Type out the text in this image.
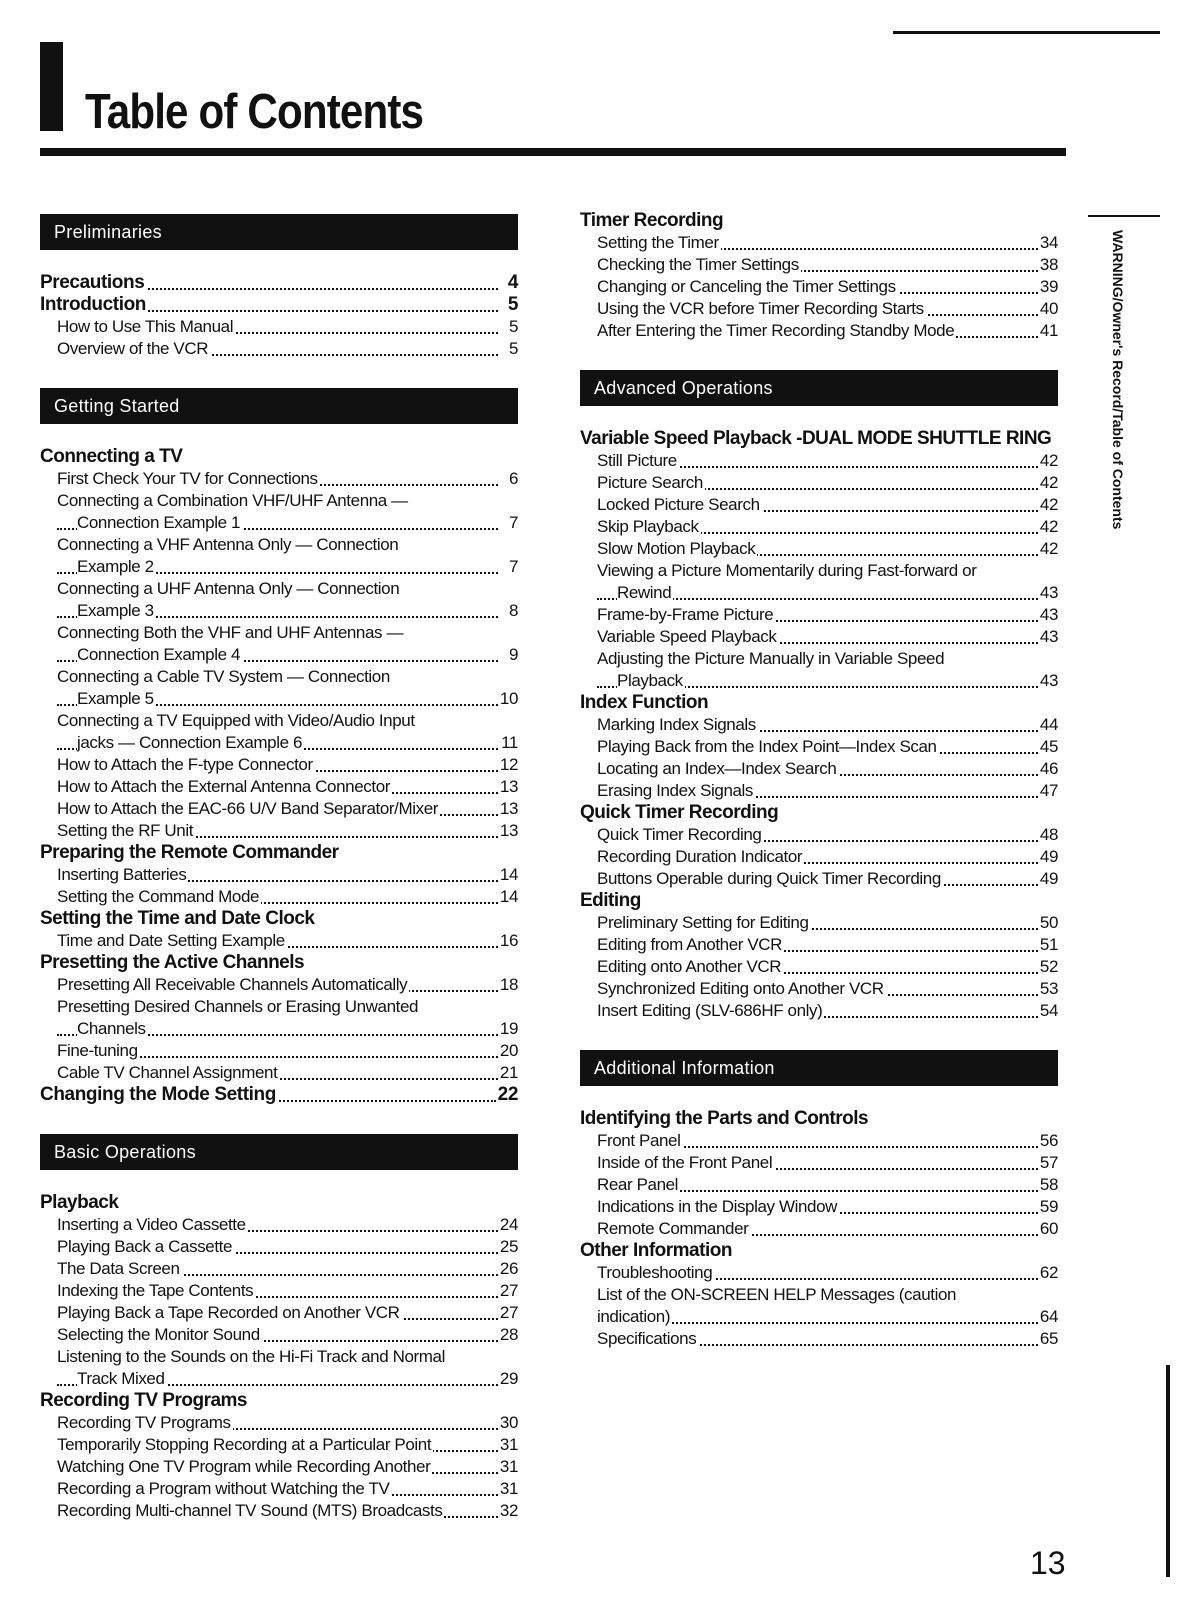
Table of Contents
WARNING/Owner's Record/Table of Contents
Preliminaries
Precautions	4
Introduction	5
How to Use This Manual	5
Overview of the VCR	5
Getting Started
Connecting a TV
First Check Your TV for Connections	6
Connecting a Combination VHF/UHF Antenna —
Connection Example 1	7
Connecting a VHF Antenna Only — Connection
Example 2	7
Connecting a UHF Antenna Only — Connection
Example 3	8
Connecting Both the VHF and UHF Antennas —
Connection Example 4	9
Connecting a Cable TV System — Connection
Example 5	10
Connecting a TV Equipped with Video/Audio Input
jacks — Connection Example 6	11
How to Attach the F-type Connector	12
How to Attach the External Antenna Connector	13
How to Attach the EAC-66 U/V Band Separator/Mixer	13
Setting the RF Unit	13
Preparing the Remote Commander
Inserting Batteries	14
Setting the Command Mode	14
Setting the Time and Date Clock
Time and Date Setting Example	16
Presetting the Active Channels
Presetting All Receivable Channels Automatically	18
Presetting Desired Channels or Erasing Unwanted
Channels	19
Fine-tuning	20
Cable TV Channel Assignment	21
Changing the Mode Setting	22
Basic Operations
Playback
Inserting a Video Cassette	24
Playing Back a Cassette	25
The Data Screen	26
Indexing the Tape Contents	27
Playing Back a Tape Recorded on Another VCR	27
Selecting the Monitor Sound	28
Listening to the Sounds on the Hi-Fi Track and Normal
Track Mixed	29
Recording TV Programs
Recording TV Programs	30
Temporarily Stopping Recording at a Particular Point	31
Watching One TV Program while Recording Another	31
Recording a Program without Watching the TV	31
Recording Multi-channel TV Sound (MTS) Broadcasts	32
Timer Recording
Setting the Timer	34
Checking the Timer Settings	38
Changing or Canceling the Timer Settings	39
Using the VCR before Timer Recording Starts	40
After Entering the Timer Recording Standby Mode	41
Advanced Operations
Variable Speed Playback -DUAL MODE SHUTTLE RING
Still Picture	42
Picture Search	42
Locked Picture Search	42
Skip Playback	42
Slow Motion Playback	42
Viewing a Picture Momentarily during Fast-forward or
Rewind	43
Frame-by-Frame Picture	43
Variable Speed Playback	43
Adjusting the Picture Manually in Variable Speed
Playback	43
Index Function
Marking Index Signals	44
Playing Back from the Index Point—Index Scan	45
Locating an Index—Index Search	46
Erasing Index Signals	47
Quick Timer Recording
Quick Timer Recording	48
Recording Duration Indicator	49
Buttons Operable during Quick Timer Recording	49
Editing
Preliminary Setting for Editing	50
Editing from Another VCR	51
Editing onto Another VCR	52
Synchronized Editing onto Another VCR	53
Insert Editing (SLV-686HF only)	54
Additional Information
Identifying the Parts and Controls
Front Panel	56
Inside of the Front Panel	57
Rear Panel	58
Indications in the Display Window	59
Remote Commander	60
Other Information
Troubleshooting	62
List of the ON-SCREEN HELP Messages (caution
indication)	64
Specifications	65
13
